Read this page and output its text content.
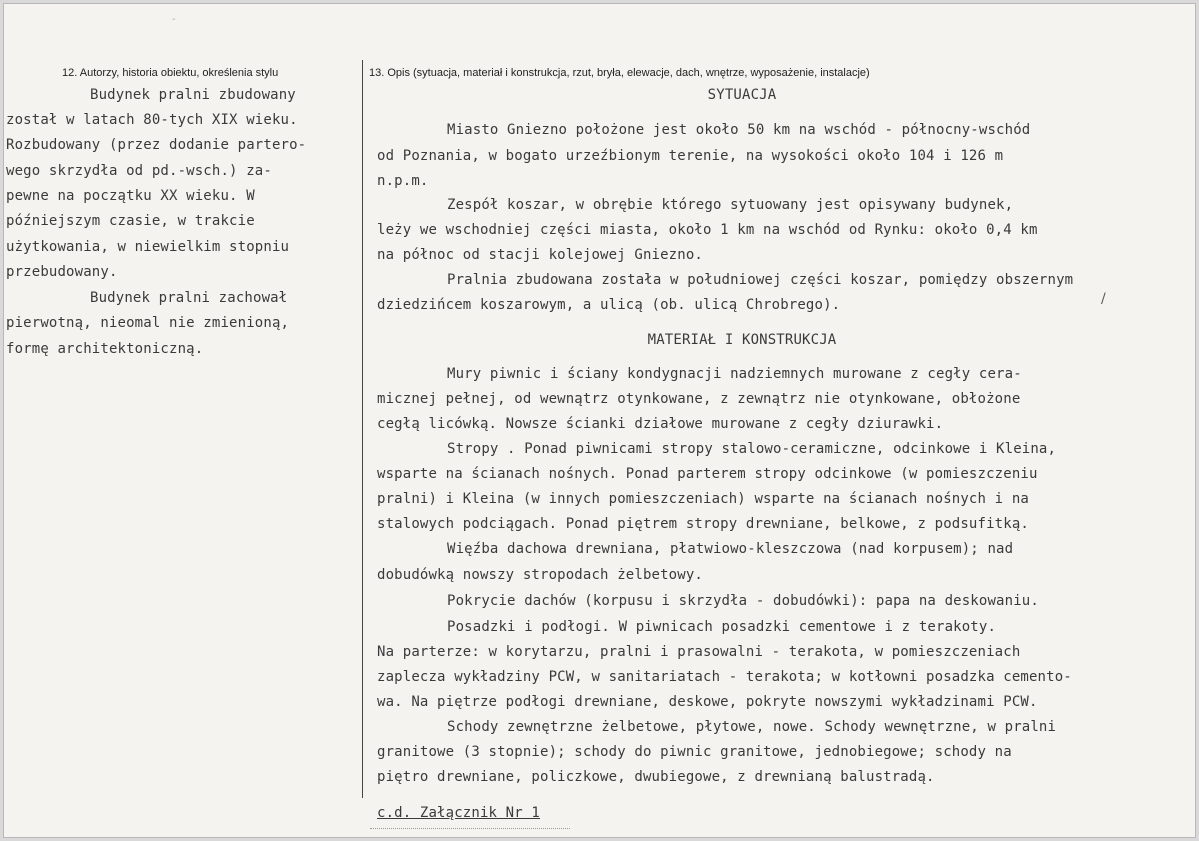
-
12. Autorzy, historia obiektu, określenia stylu
Budynek pralni zbudowany
został w latach 80-tych XIX wieku.
Rozbudowany (przez dodanie partero-
wego skrzydła od pd.-wsch.) za-
pewne na początku XX wieku. W
późniejszym czasie, w trakcie
użytkowania, w niewielkim stopniu
przebudowany.
Budynek pralni zachował
pierwotną, nieomal nie zmienioną,
formę architektoniczną.
13. Opis (sytuacja, materiał i konstrukcja, rzut, bryła, elewacje, dach, wnętrze, wyposażenie, instalacje)
SYTUACJA
Miasto Gniezno położone jest około 50 km na wschód - północny-wschód
od Poznania, w bogato urzeźbionym terenie, na wysokości około 104 i 126 m
n.p.m.
Zespół koszar, w obrębie którego sytuowany jest opisywany budynek,
leży we wschodniej części miasta, około 1 km na wschód od Rynku: około 0,4 km
na północ od stacji kolejowej Gniezno.
Pralnia zbudowana została w południowej części koszar, pomiędzy obszernym
dziedzińcem koszarowym, a ulicą (ob. ulicą Chrobrego).	/
MATERIAŁ I KONSTRUKCJA
Mury piwnic i ściany kondygnacji nadziemnych murowane z cegły cera-
micznej pełnej, od wewnątrz otynkowane, z zewnątrz nie otynkowane, obłożone
cegłą licówką. Nowsze ścianki działowe murowane z cegły dziurawki.
Stropy . Ponad piwnicami stropy stalowo-ceramiczne, odcinkowe i Kleina,
wsparte na ścianach nośnych. Ponad parterem stropy odcinkowe (w pomieszczeniu
pralni) i Kleina (w innych pomieszczeniach) wsparte na ścianach nośnych i na
stalowych podciągach. Ponad piętrem stropy drewniane, belkowe, z podsufitką.
Więźba dachowa drewniana, płatwiowo-kleszczowa (nad korpusem); nad
dobudówką nowszy stropodach żelbetowy.
Pokrycie dachów (korpusu i skrzydła - dobudówki): papa na deskowaniu.
Posadzki i podłogi. W piwnicach posadzki cementowe i z terakoty.
Na parterze: w korytarzu, pralni i prasowalni - terakota, w pomieszczeniach
zaplecza wykładziny PCW, w sanitariatach - terakota; w kotłowni posadzka cemento-
wa. Na piętrze podłogi drewniane, deskowe, pokryte nowszymi wykładzinami PCW.
Schody zewnętrzne żelbetowe, płytowe, nowe. Schody wewnętrzne, w pralni
granitowe (3 stopnie); schody do piwnic granitowe, jednobiegowe; schody na
piętro drewniane, policzkowe, dwubiegowe, z drewnianą balustradą.
c.d. Załącznik Nr 1
